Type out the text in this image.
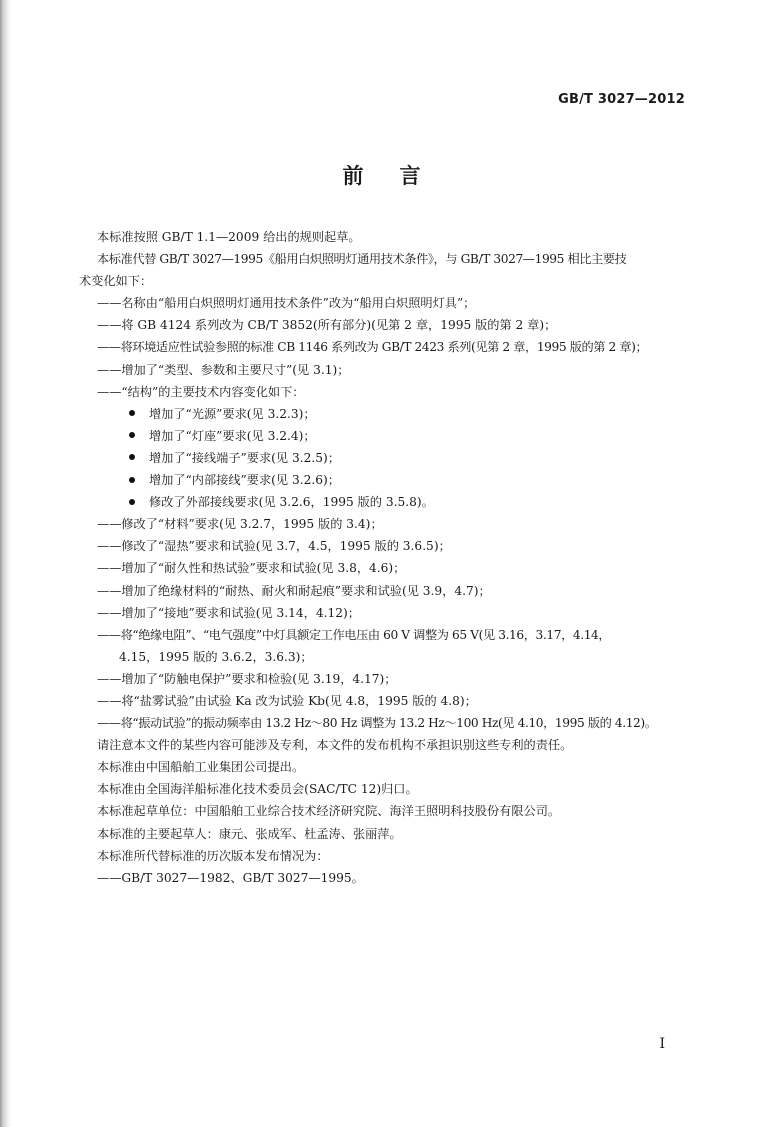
GB/T 3027—2012
前 言
本标准按照 GB/T 1.1—2009 给出的规则起草。
本标准代替 GB/T 3027—1995《船用白炽照明灯通用技术条件》，与 GB/T 3027—1995 相比主要技
术变化如下：
——名称由“船用白炽照明灯通用技术条件”改为“船用白炽照明灯具”；
——将 GB 4124 系列改为 CB/T 3852(所有部分)(见第 2 章，1995 版的第 2 章)；
——将环境适应性试验参照的标准 CB 1146 系列改为 GB/T 2423 系列(见第 2 章，1995 版的第 2 章)；
——增加了“类型、参数和主要尺寸”(见 3.1)；
——“结构”的主要技术内容变化如下：
增加了“光源”要求(见 3.2.3)；
增加了“灯座”要求(见 3.2.4)；
增加了“接线端子”要求(见 3.2.5)；
增加了“内部接线”要求(见 3.2.6)；
修改了外部接线要求(见 3.2.6，1995 版的 3.5.8)。
——修改了“材料”要求(见 3.2.7，1995 版的 3.4)；
——修改了“湿热”要求和试验(见 3.7，4.5，1995 版的 3.6.5)；
——增加了“耐久性和热试验”要求和试验(见 3.8，4.6)；
——增加了绝缘材料的“耐热、耐火和耐起痕”要求和试验(见 3.9，4.7)；
——增加了“接地”要求和试验(见 3.14，4.12)；
——将“绝缘电阻”、“电气强度”中灯具额定工作电压由 60 V 调整为 65 V(见 3.16，3.17，4.14，
4.15，1995 版的 3.6.2，3.6.3)；
——增加了“防触电保护”要求和检验(见 3.19，4.17)；
——将“盐雾试验”由试验 Ka 改为试验 Kb(见 4.8，1995 版的 4.8)；
——将“振动试验”的振动频率由 13.2 Hz～80 Hz 调整为 13.2 Hz～100 Hz(见 4.10，1995 版的 4.12)。
请注意本文件的某些内容可能涉及专利，本文件的发布机构不承担识别这些专利的责任。
本标准由中国船舶工业集团公司提出。
本标准由全国海洋船标准化技术委员会(SAC/TC 12)归口。
本标准起草单位：中国船舶工业综合技术经济研究院、海洋王照明科技股份有限公司。
本标准的主要起草人：康元、张成军、杜孟涛、张丽萍。
本标准所代替标准的历次版本发布情况为：
——GB/T 3027—1982、GB/T 3027—1995。
I
